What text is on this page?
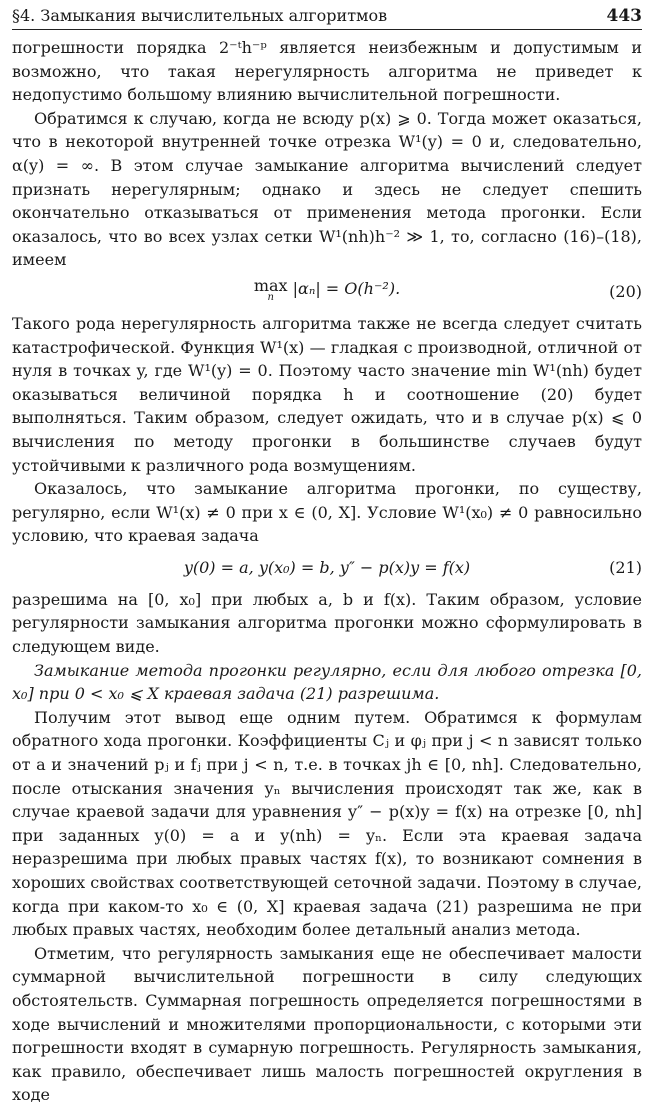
§4. Замыкания вычислительных алгоритмов	443

погрешности порядка 2⁻ᵗh⁻ᵖ является неизбежным и допустимым и возможно, что такая нерегулярность алгоритма не приведет к недопустимо большому влиянию вычислительной погрешности.

Обратимся к случаю, когда не всюду p(x) ⩾ 0. Тогда может оказаться, что в некоторой внутренней точке отрезка W¹(y) = 0 и, следовательно, α(y) = ∞. В этом случае замыкание алгоритма вычислений следует признать нерегулярным; однако и здесь не следует спешить окончательно отказываться от применения метода прогонки. Если оказалось, что во всех узлах сетки W¹(nh)h⁻² ≫ 1, то, согласно (16)–(18), имеем

max
n |αₙ| = O(h⁻²).	(20)

Такого рода нерегулярность алгоритма также не всегда следует считать катастрофической. Функция W¹(x) — гладкая с производной, отличной от нуля в точках y, где W¹(y) = 0. Поэтому часто значение min W¹(nh) будет оказываться величиной порядка h и соотношение (20) будет выполняться. Таким образом, следует ожидать, что и в случае p(x) ⩽ 0 вычисления по методу прогонки в большинстве случаев будут устойчивыми к различного рода возмущениям.

Оказалось, что замыкание алгоритма прогонки, по существу, регулярно, если W¹(x) ≠ 0 при x ∈ (0, X]. Условие W¹(x₀) ≠ 0 равносильно условию, что краевая задача

y(0) = a, y(x₀) = b, y″ − p(x)y = f(x)	(21)

разрешима на [0, x₀] при любых a, b и f(x). Таким образом, условие регулярности замыкания алгоритма прогонки можно сформулировать в следующем виде.

Замыкание метода прогонки регулярно, если для любого отрезка [0, x₀] при 0 < x₀ ⩽ X краевая задача (21) разрешима.

Получим этот вывод еще одним путем. Обратимся к формулам обратного хода прогонки. Коэффициенты Cⱼ и φⱼ при j < n зависят только от a и значений pⱼ и fⱼ при j < n, т.е. в точках jh ∈ [0, nh]. Следовательно, после отыскания значения yₙ вычисления происходят так же, как в случае краевой задачи для уравнения y″ − p(x)y = f(x) на отрезке [0, nh] при заданных y(0) = a и y(nh) = yₙ. Если эта краевая задача неразрешима при любых правых частях f(x), то возникают сомнения в хороших свойствах соответствующей сеточной задачи. Поэтому в случае, когда при каком-то x₀ ∈ (0, X] краевая задача (21) разрешима не при любых правых частях, необходим более детальный анализ метода.

Отметим, что регулярность замыкания еще не обеспечивает малости суммарной вычислительной погрешности в силу следующих обстоятельств. Суммарная погрешность определяется погрешностями в ходе вычислений и множителями пропорциональности, с которыми эти погрешности входят в сумарную погрешность. Регулярность замыкания, как правило, обеспечивает лишь малость погрешностей округления в ходе
